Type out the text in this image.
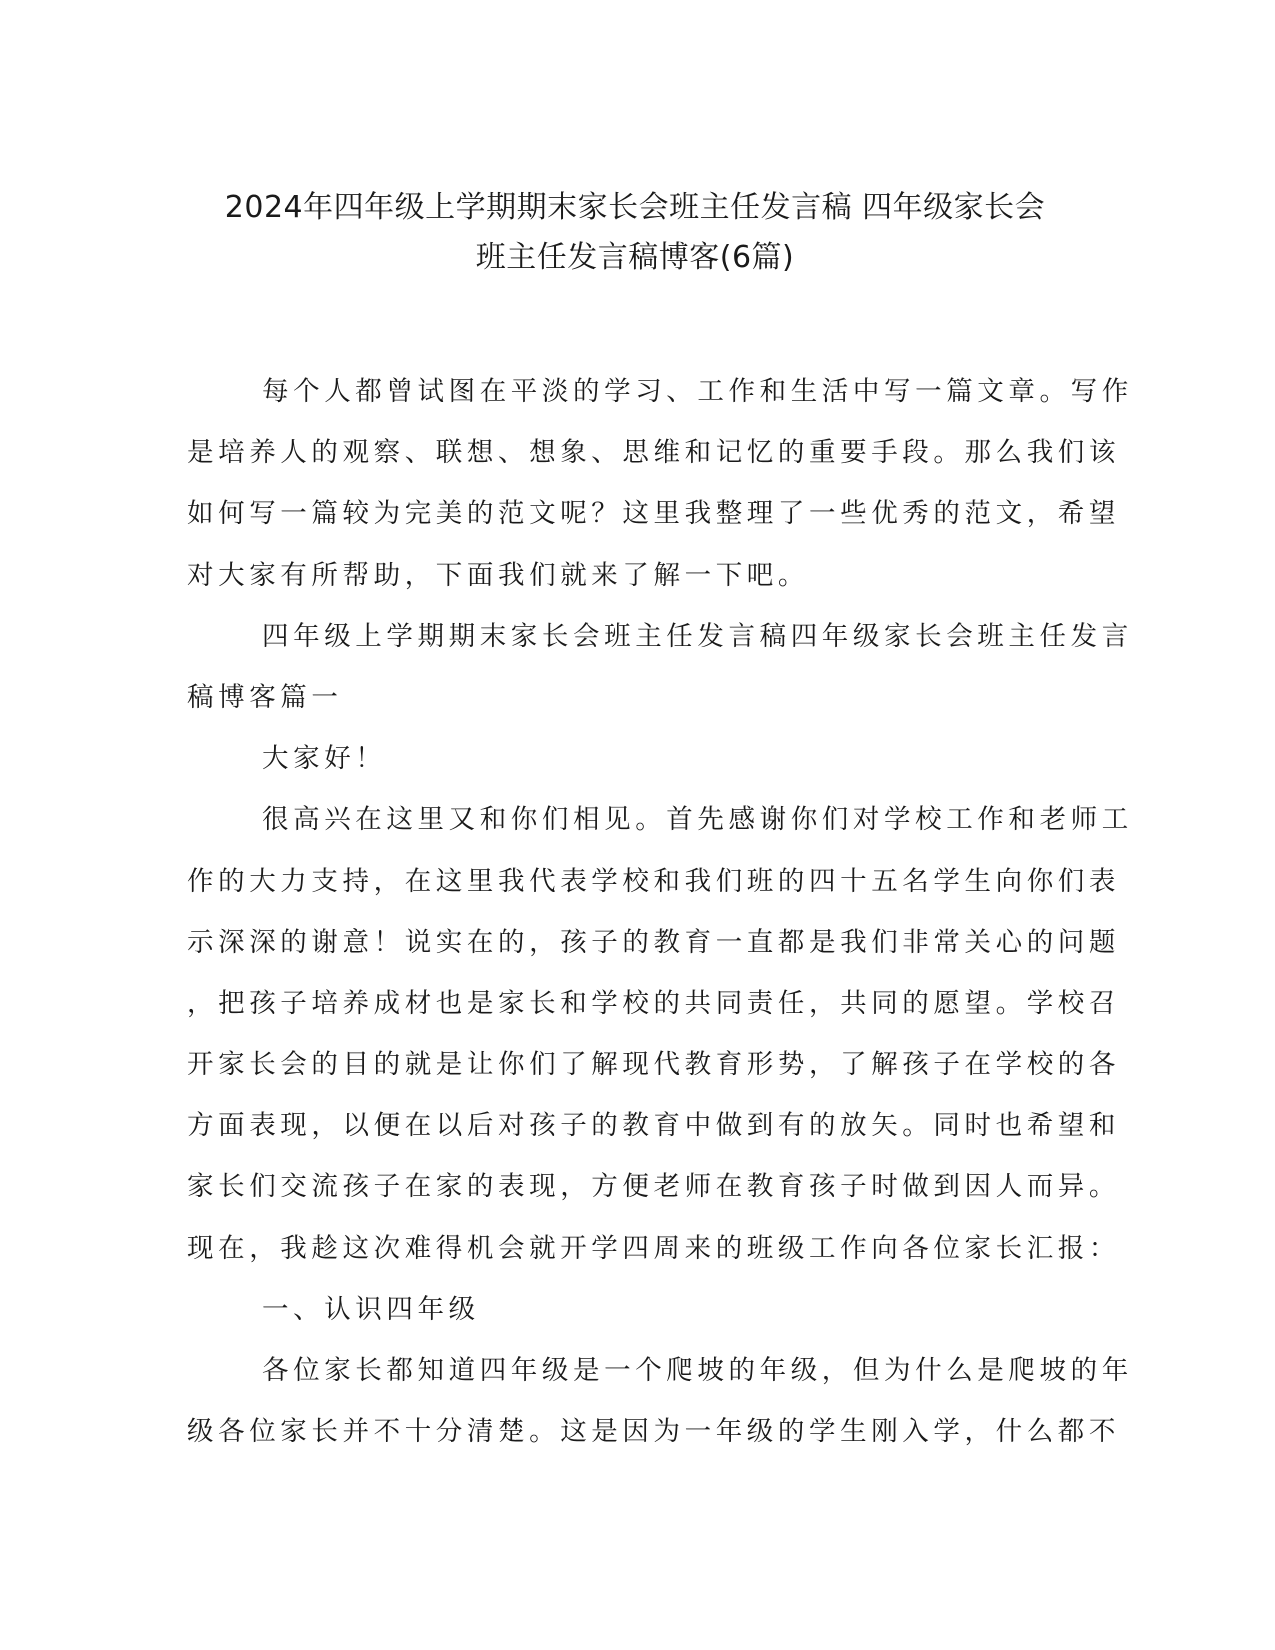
2024年四年级上学期期末家长会班主任发言稿 四年级家长会
班主任发言稿博客(6篇)
每个人都曾试图在平淡的学习、工作和生活中写一篇文章。写作
是培养人的观察、联想、想象、思维和记忆的重要手段。那么我们该
如何写一篇较为完美的范文呢？这里我整理了一些优秀的范文，希望
对大家有所帮助，下面我们就来了解一下吧。
四年级上学期期末家长会班主任发言稿四年级家长会班主任发言
稿博客篇一
大家好！
很高兴在这里又和你们相见。首先感谢你们对学校工作和老师工
作的大力支持，在这里我代表学校和我们班的四十五名学生向你们表
示深深的谢意！说实在的，孩子的教育一直都是我们非常关心的问题
，把孩子培养成材也是家长和学校的共同责任，共同的愿望。学校召
开家长会的目的就是让你们了解现代教育形势，了解孩子在学校的各
方面表现，以便在以后对孩子的教育中做到有的放矢。同时也希望和
家长们交流孩子在家的表现，方便老师在教育孩子时做到因人而异。
现在，我趁这次难得机会就开学四周来的班级工作向各位家长汇报：
一、认识四年级
各位家长都知道四年级是一个爬坡的年级，但为什么是爬坡的年
级各位家长并不十分清楚。这是因为一年级的学生刚入学，什么都不
